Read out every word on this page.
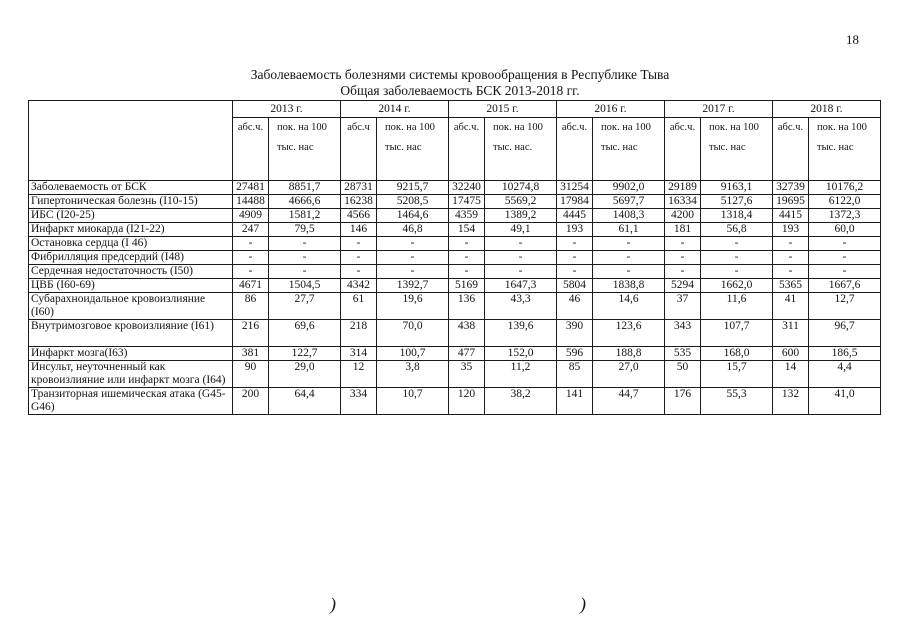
18
Заболеваемость болезнями системы кровообращения в Республике Тыва
Общая заболеваемость БСК 2013-2018 гг.
	2013 г.		2014 г.		2015 г.		2016 г.		2017 г.		2018 г.	
	абс.ч.	пок. на 100 тыс. нас	абс.ч	пок. на 100 тыс. нас	абс.ч.	пок. на 100 тыс. нас.	абс.ч.	пок. на 100 тыс. нас	абс.ч.	пок. на 100 тыс. нас	абс.ч.	пок. на 100 тыс. нас
Заболеваемость от БСК	27481	8851,7	28731	9215,7	32240	10274,8	31254	9902,0	29189	9163,1	32739	10176,2
Гипертоническая болезнь (I10-15)	14488	4666,6	16238	5208,5	17475	5569,2	17984	5697,7	16334	5127,6	19695	6122,0
ИБС (I20-25)	4909	1581,2	4566	1464,6	4359	1389,2	4445	1408,3	4200	1318,4	4415	1372,3
Инфаркт миокарда (I21-22)	247	79,5	146	46,8	154	49,1	193	61,1	181	56,8	193	60,0
Остановка сердца (I 46)	-	-	-	-	-	-	-	-	-	-	-	-
Фибрилляция предсердий (I48)	-	-	-	-	-	-	-	-	-	-	-	-
Сердечная недостаточность (I50)	-	-	-	-	-	-	-	-	-	-	-	-
ЦВБ (I60-69)	4671	1504,5	4342	1392,7	5169	1647,3	5804	1838,8	5294	1662,0	5365	1667,6
Субарахноидальное кровоизлияние (I60)	86	27,7	61	19,6	136	43,3	46	14,6	37	11,6	41	12,7
Внутримозговое кровоизлияние (I61)	216	69,6	218	70,0	438	139,6	390	123,6	343	107,7	311	96,7
Инфаркт мозга(I63)	381	122,7	314	100,7	477	152,0	596	188,8	535	168,0	600	186,5
Инсульт, неуточненный как кровоизлияние или инфаркт мозга (I64)	90	29,0	12	3,8	35	11,2	85	27,0	50	15,7	14	4,4
Транзиторная ишемическая атака (G45-G46)	200	64,4	334	10,7	120	38,2	141	44,7	176	55,3	132	41,0
)	)
